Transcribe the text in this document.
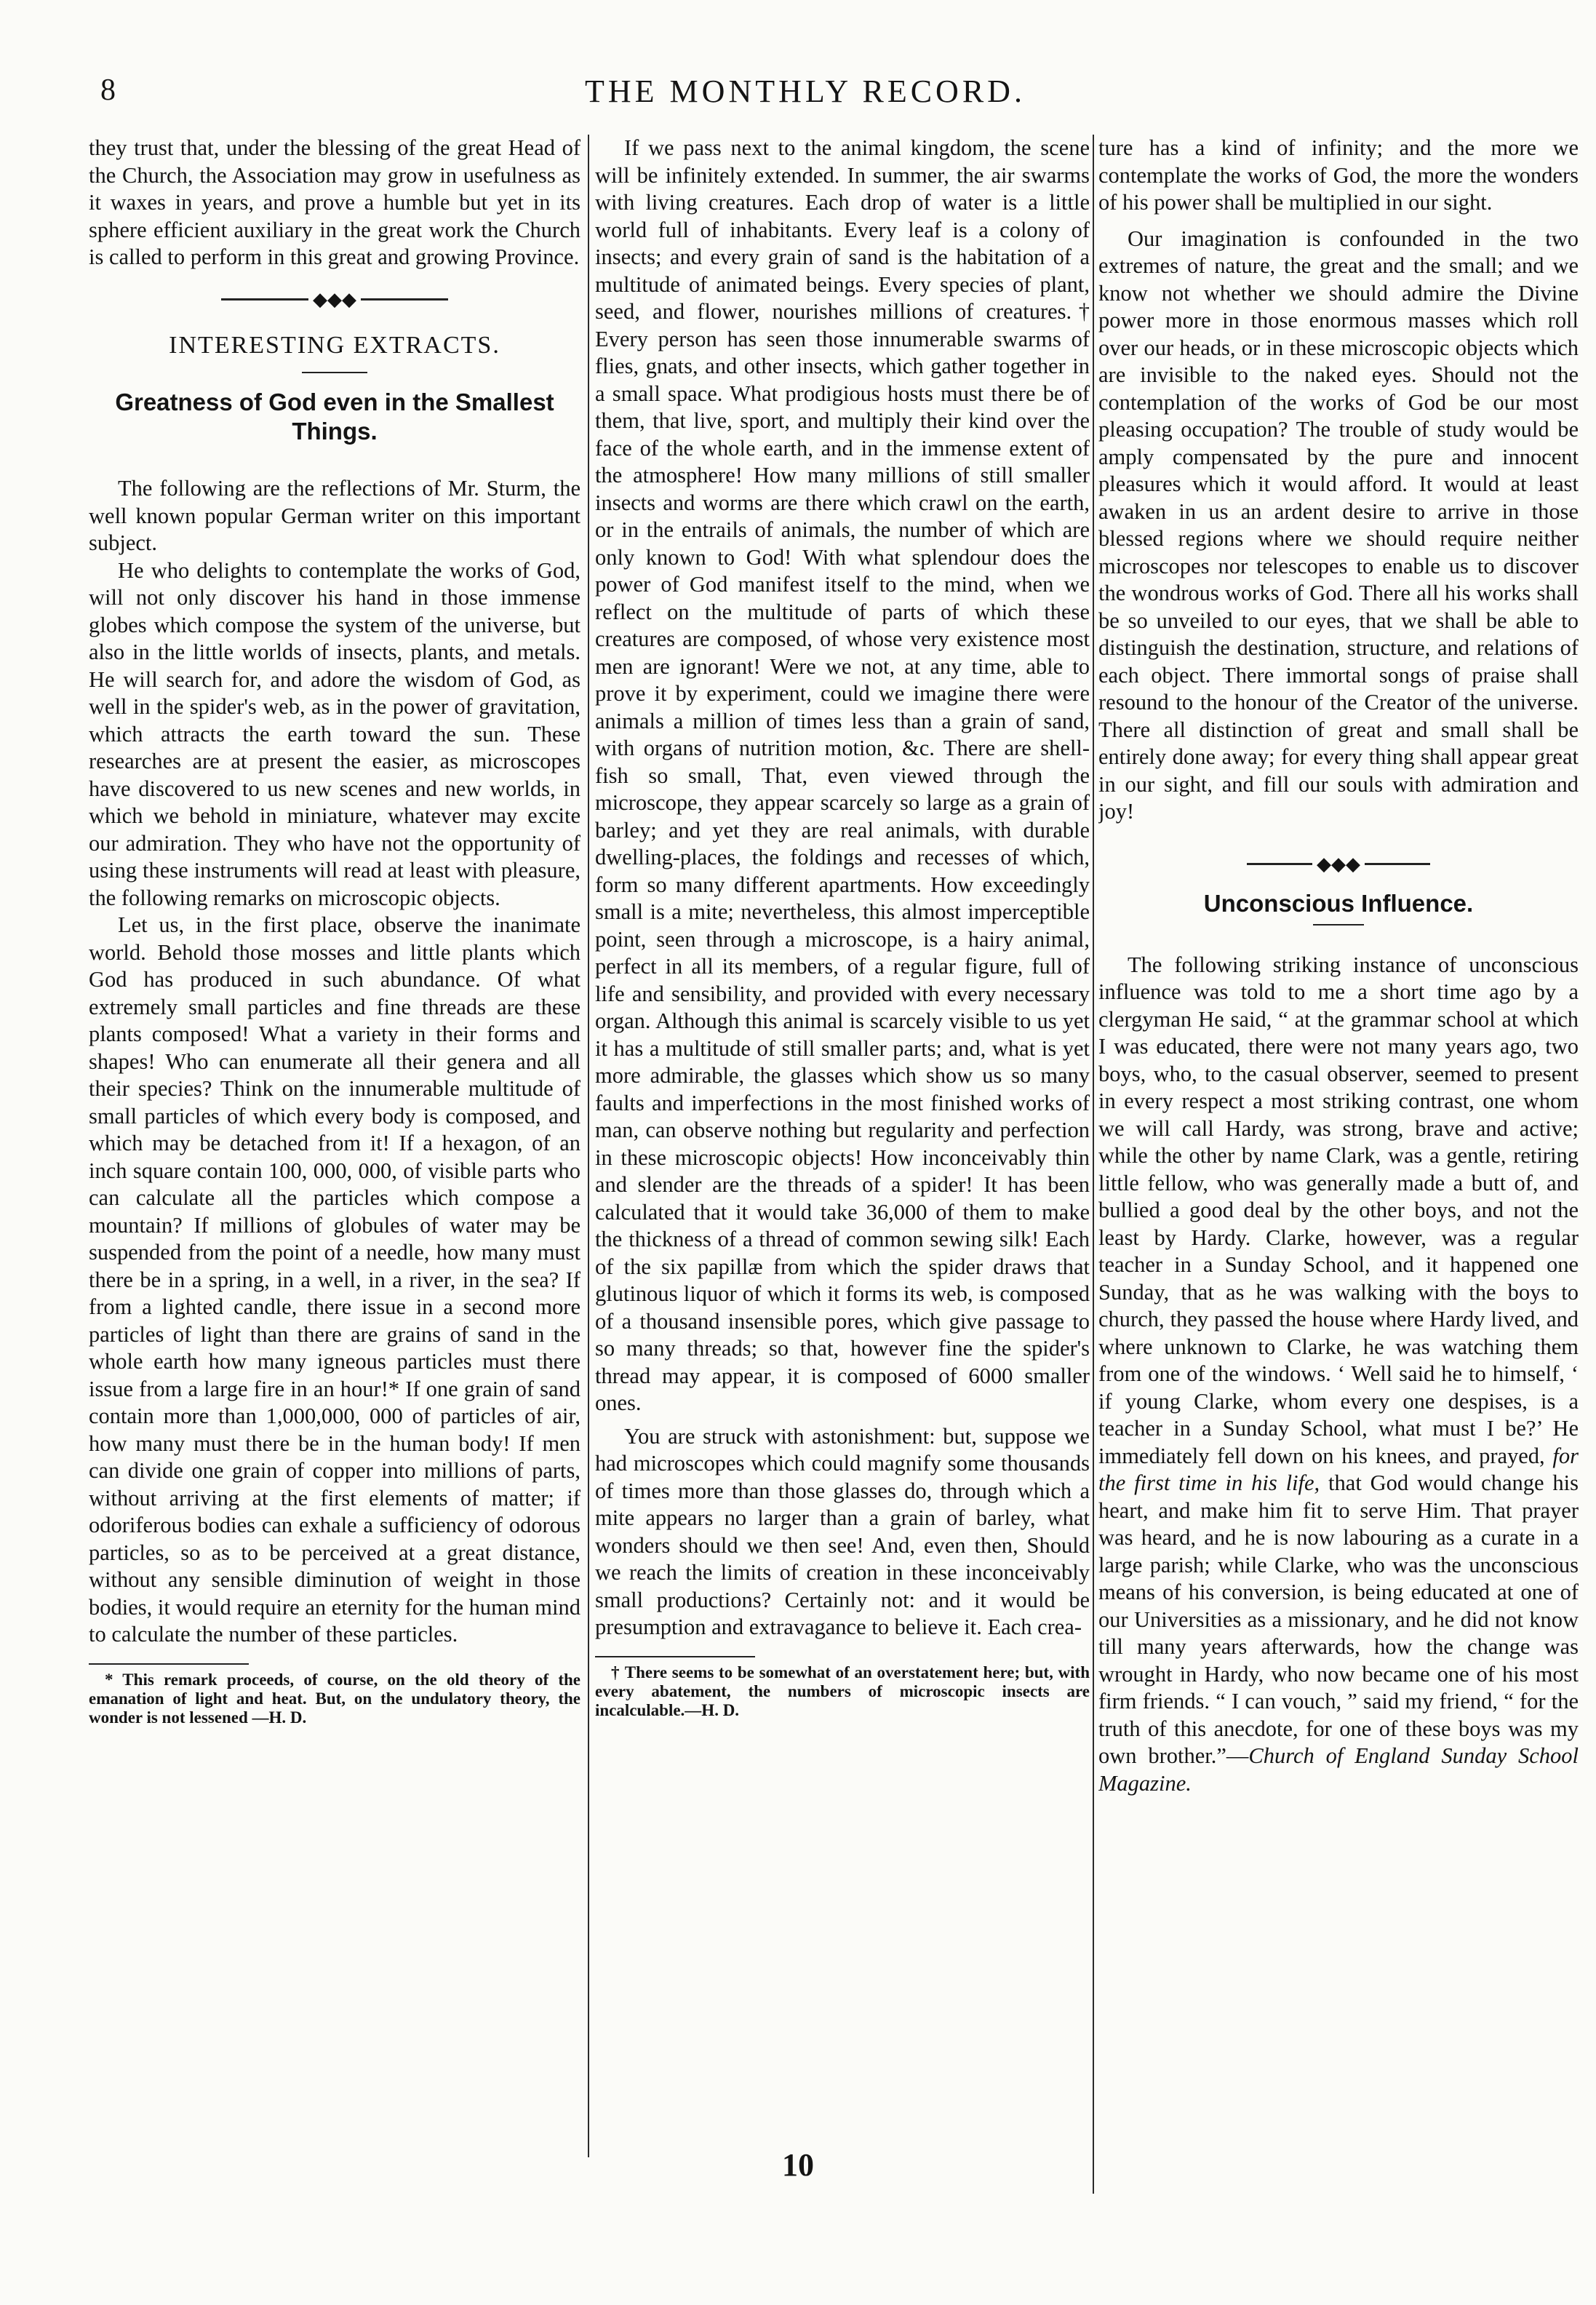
8	THE MONTHLY RECORD.

they trust that, under the blessing of the great Head of the Church, the Association may grow in usefulness as it waxes in years, and prove a humble but yet in its sphere efficient auxiliary in the great work the Church is called to perform in this great and growing Province.

◆◆◆
INTERESTING EXTRACTS.
Greatness of God even in the Smallest Things.

The following are the reflections of Mr. Sturm, the well known popular German writer on this important subject.

He who delights to contemplate the works of God, will not only discover his hand in those immense globes which compose the system of the universe, but also in the little worlds of insects, plants, and metals. He will search for, and adore the wisdom of God, as well in the spider's web, as in the power of gravitation, which attracts the earth toward the sun. These researches are at present the easier, as microscopes have discovered to us new scenes and new worlds, in which we behold in miniature, whatever may excite our admiration. They who have not the opportunity of using these instruments will read at least with pleasure, the following remarks on microscopic objects.

Let us, in the first place, observe the inanimate world. Behold those mosses and little plants which God has produced in such abundance. Of what extremely small particles and fine threads are these plants composed! What a variety in their forms and shapes! Who can enumerate all their genera and all their species? Think on the innumerable multitude of small particles of which every body is composed, and which may be detached from it! If a hexagon, of an inch square contain 100, 000, 000, of visible parts who can calculate all the particles which compose a mountain? If millions of globules of water may be suspended from the point of a needle, how many must there be in a spring, in a well, in a river, in the sea? If from a lighted candle, there issue in a second more particles of light than there are grains of sand in the whole earth how many igneous particles must there issue from a large fire in an hour!* If one grain of sand contain more than 1,000,000, 000 of particles of air, how many must there be in the human body! If men can divide one grain of copper into millions of parts, without arriving at the first elements of matter; if odoriferous bodies can exhale a sufficiency of odorous particles, so as to be perceived at a great distance, without any sensible diminution of weight in those bodies, it would require an eternity for the human mind to calculate the number of these particles.

* This remark proceeds, of course, on the old theory of the emanation of light and heat. But, on the undulatory theory, the wonder is not lessened —H. D.

If we pass next to the animal kingdom, the scene will be infinitely extended. In summer, the air swarms with living creatures. Each drop of water is a little world full of inhabitants. Every leaf is a colony of insects; and every grain of sand is the habitation of a multitude of animated beings. Every species of plant, seed, and flower, nourishes millions of creatures.† Every person has seen those innumerable swarms of flies, gnats, and other insects, which gather together in a small space. What prodigious hosts must there be of them, that live, sport, and multiply their kind over the face of the whole earth, and in the immense extent of the atmosphere! How many millions of still smaller insects and worms are there which crawl on the earth, or in the entrails of animals, the number of which are only known to God! With what splendour does the power of God manifest itself to the mind, when we reflect on the multitude of parts of which these creatures are composed, of whose very existence most men are ignorant! Were we not, at any time, able to prove it by experiment, could we imagine there were animals a million of times less than a grain of sand, with organs of nutrition motion, &c. There are shell-fish so small, That, even viewed through the microscope, they appear scarcely so large as a grain of barley; and yet they are real animals, with durable dwelling-places, the foldings and recesses of which, form so many different apartments. How exceedingly small is a mite; nevertheless, this almost imperceptible point, seen through a microscope, is a hairy animal, perfect in all its members, of a regular figure, full of life and sensibility, and provided with every necessary organ. Although this animal is scarcely visible to us yet it has a multitude of still smaller parts; and, what is yet more admirable, the glasses which show us so many faults and imperfections in the most finished works of man, can observe nothing but regularity and perfection in these microscopic objects! How inconceivably thin and slender are the threads of a spider! It has been calculated that it would take 36,000 of them to make the thickness of a thread of common sewing silk! Each of the six papillæ from which the spider draws that glutinous liquor of which it forms its web, is composed of a thousand insensible pores, which give passage to so many threads; so that, however fine the spider's thread may appear, it is composed of 6000 smaller ones.

You are struck with astonishment: but, suppose we had microscopes which could magnify some thousands of times more than those glasses do, through which a mite appears no larger than a grain of barley, what wonders should we then see! And, even then, Should we reach the limits of creation in these inconceivably small productions? Certainly not: and it would be presumption and extravagance to believe it. Each crea-

† There seems to be somewhat of an overstatement here; but, with every abatement, the numbers of microscopic insects are incalculable.—H. D.

ture has a kind of infinity; and the more we contemplate the works of God, the more the wonders of his power shall be multiplied in our sight.

Our imagination is confounded in the two extremes of nature, the great and the small; and we know not whether we should admire the Divine power more in those enormous masses which roll over our heads, or in these microscopic objects which are invisible to the naked eyes. Should not the contemplation of the works of God be our most pleasing occupation? The trouble of study would be amply compensated by the pure and innocent pleasures which it would afford. It would at least awaken in us an ardent desire to arrive in those blessed regions where we should require neither microscopes nor telescopes to enable us to discover the wondrous works of God. There all his works shall be so unveiled to our eyes, that we shall be able to distinguish the destination, structure, and relations of each object. There immortal songs of praise shall resound to the honour of the Creator of the universe. There all distinction of great and small shall be entirely done away; for every thing shall appear great in our sight, and fill our souls with admiration and joy!

◆◆◆
Unconscious Influence.

The following striking instance of unconscious influence was told to me a short time ago by a clergyman He said, “ at the grammar school at which I was educated, there were not many years ago, two boys, who, to the casual observer, seemed to present in every respect a most striking contrast, one whom we will call Hardy, was strong, brave and active; while the other by name Clark, was a gentle, retiring little fellow, who was generally made a butt of, and bullied a good deal by the other boys, and not the least by Hardy. Clarke, however, was a regular teacher in a Sunday School, and it happened one Sunday, that as he was walking with the boys to church, they passed the house where Hardy lived, and where unknown to Clarke, he was watching them from one of the windows. ‘ Well said he to himself, ‘ if young Clarke, whom every one despises, is a teacher in a Sunday School, what must I be?’ He immediately fell down on his knees, and prayed, for the first time in his life, that God would change his heart, and make him fit to serve Him. That prayer was heard, and he is now labouring as a curate in a large parish; while Clarke, who was the unconscious means of his conversion, is being educated at one of our Universities as a missionary, and he did not know till many years afterwards, how the change was wrought in Hardy, who now became one of his most firm friends. “ I can vouch, ” said my friend, “ for the truth of this anecdote, for one of these boys was my own brother.”—Church of England Sunday School Magazine.

10
